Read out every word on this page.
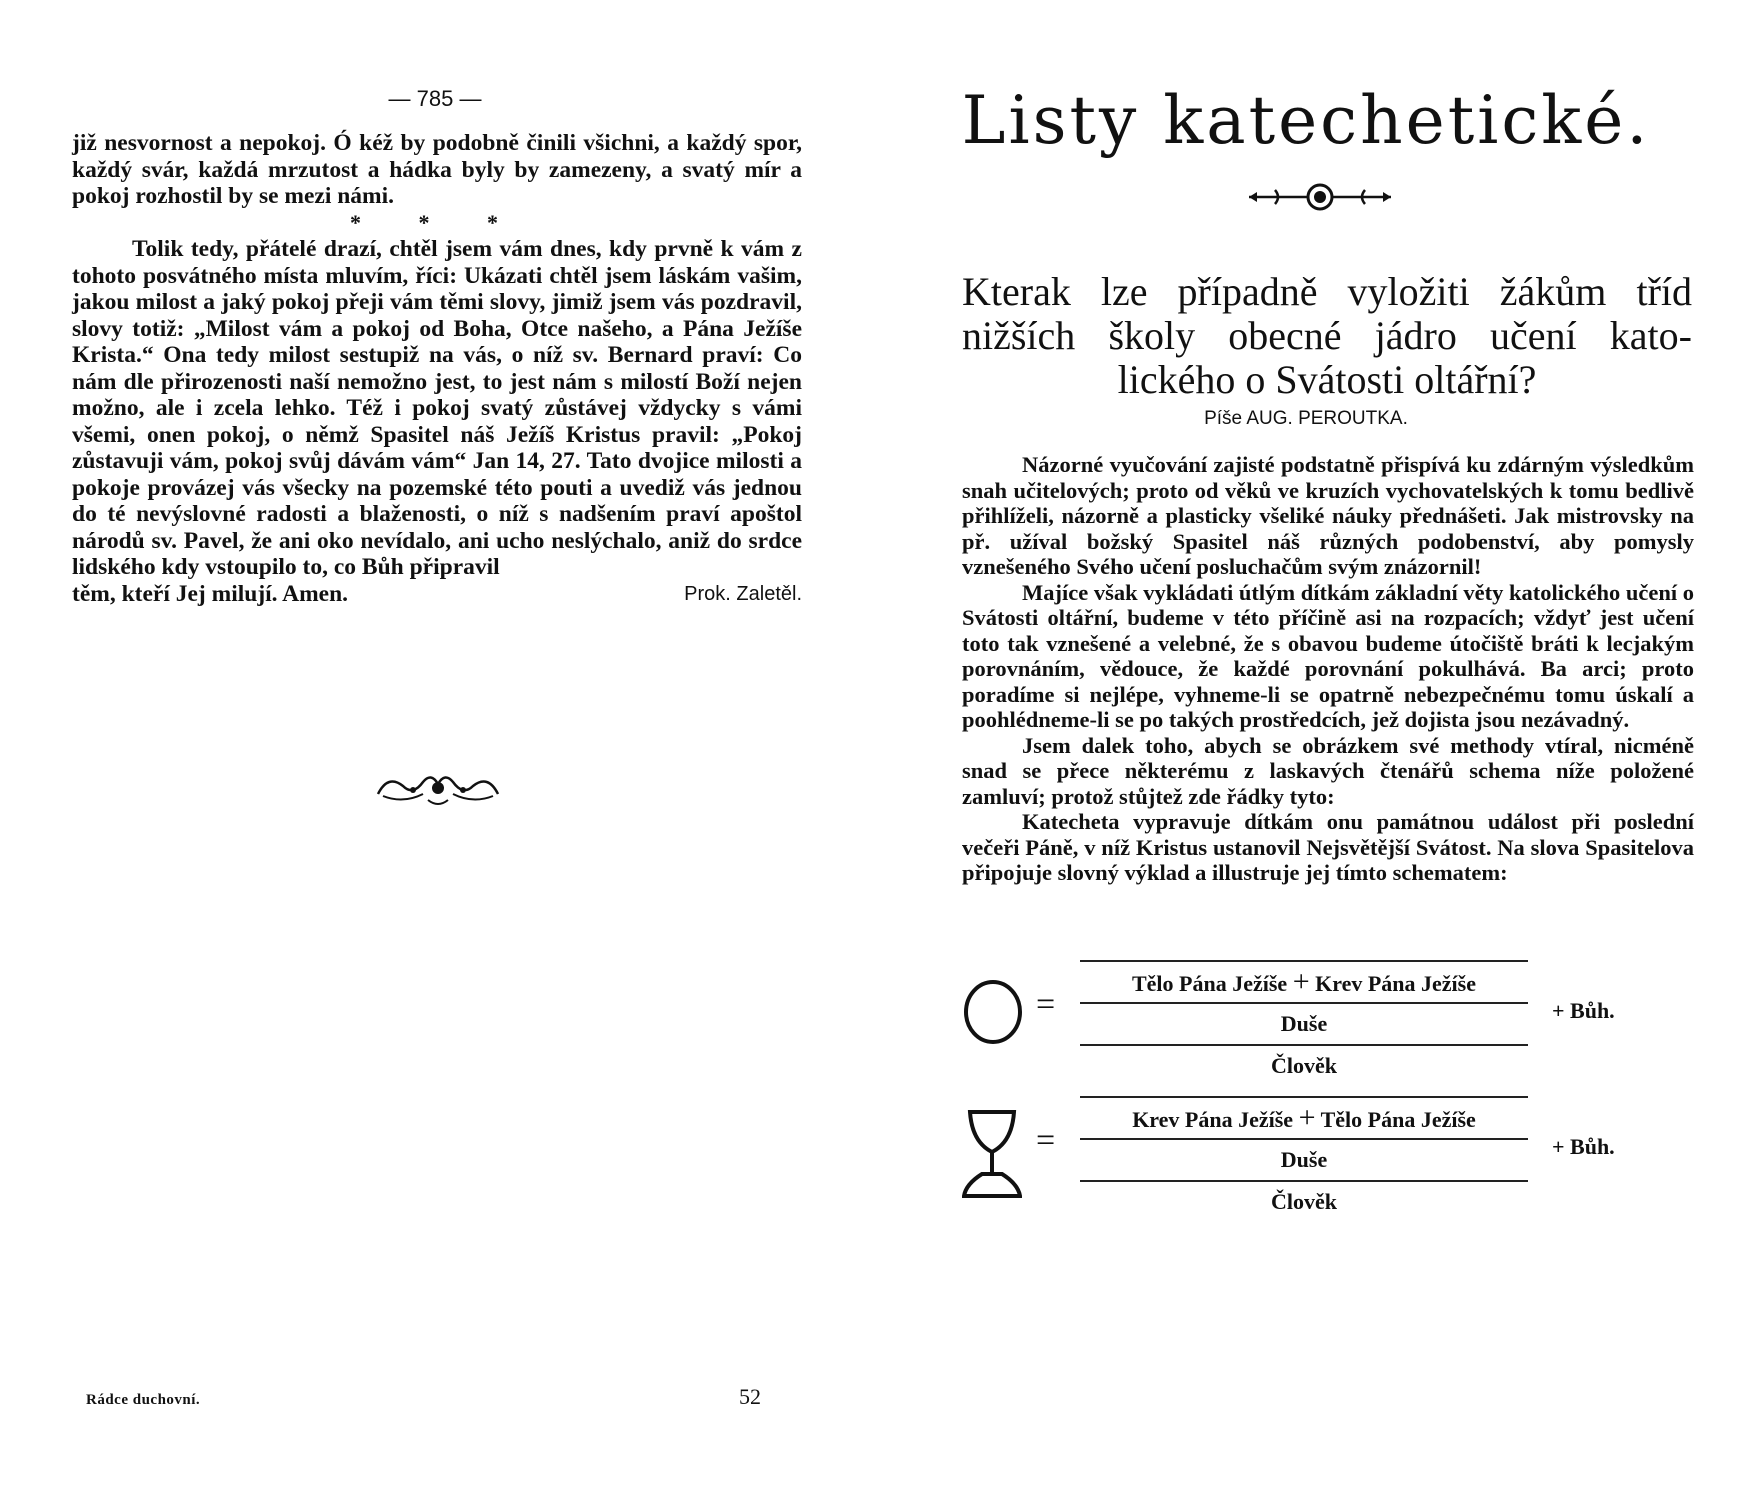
— 785 —

již nesvornost a nepokoj. Ó kéž by podobně činili všichni, a každý spor, každý svár, každá mrzutost a hádka byly by zamezeny, a svatý mír a pokoj rozhostil by se mezi námi.

* * *

Tolik tedy, přátelé drazí, chtěl jsem vám dnes, kdy prvně k vám z tohoto posvátného místa mluvím, říci: Ukázati chtěl jsem láskám vašim, jakou milost a jaký pokoj přeji vám těmi slovy, jimiž jsem vás pozdravil, slovy totiž: „Milost vám a pokoj od Boha, Otce našeho, a Pána Ježíše Krista.“ Ona tedy milost sestupiž na vás, o níž sv. Bernard praví: Co nám dle přirozenosti naší nemožno jest, to jest nám s milostí Boží nejen možno, ale i zcela lehko. Též i pokoj svatý zůstávej vždycky s vámi všemi, onen pokoj, o němž Spasitel náš Ježíš Kristus pravil: „Pokoj zůstavuji vám, pokoj svůj dávám vám“ Jan 14, 27. Tato dvojice milosti a pokoje provázej vás všecky na pozemské této pouti a uvediž vás jednou do té nevýslovné radosti a blaženosti, o níž s nadšením praví apoštol národů sv. Pavel, že ani oko nevídalo, ani ucho neslýchalo, aniž do srdce lidského kdy vstoupilo to, co Bůh připravil

těm, kteří Jej milují. Amen.	Prok. Zaletěl.
Rádce duchovní.	52
Listy katechetické.
Kterak lze případně vyložiti žákům tříd
nižších školy obecné jádro učení kato-
lického o Svátosti oltářní?
Píše AUG. PEROUTKA.

Názorné vyučování zajisté podstatně přispívá ku zdárným výsledkům snah učitelových; proto od věků ve kruzích vychovatelských k tomu bedlivě přihlíželi, názorně a plasticky všeliké náuky přednášeti. Jak mistrovsky na př. užíval božský Spasitel náš různých podobenství, aby pomysly vznešeného Svého učení posluchačům svým znázornil!

Majíce však vykládati útlým dítkám základní věty katolického učení o Svátosti oltářní, budeme v této příčině asi na rozpacích; vždyť jest učení toto tak vznešené a velebné, že s obavou budeme útočiště bráti k lecjakým porovnáním, vědouce, že každé porovnání pokulhává. Ba arci; proto poradíme si nejlépe, vyhneme-li se opatrně nebezpečnému tomu úskalí a poohlédneme-li se po takých prostředcích, jež dojista jsou nezávadný.

Jsem dalek toho, abych se obrázkem své methody vtíral, nicméně snad se přece některému z laskavých čtenářů schema níže položené zamluví; protož stůjtež zde řádky tyto:

Katecheta vypravuje dítkám onu památnou událost při poslední večeři Páně, v níž Kristus ustanovil Nejsvětější Svátost. Na slova Spasitelova připojuje slovný výklad a illustruje jej tímto schematem:

=
Tělo Pána Ježíše + Krev Pána Ježíše
Duše
Člověk
+ Bůh.
=
Krev Pána Ježíše + Tělo Pána Ježíše
Duše
Člověk
+ Bůh.
